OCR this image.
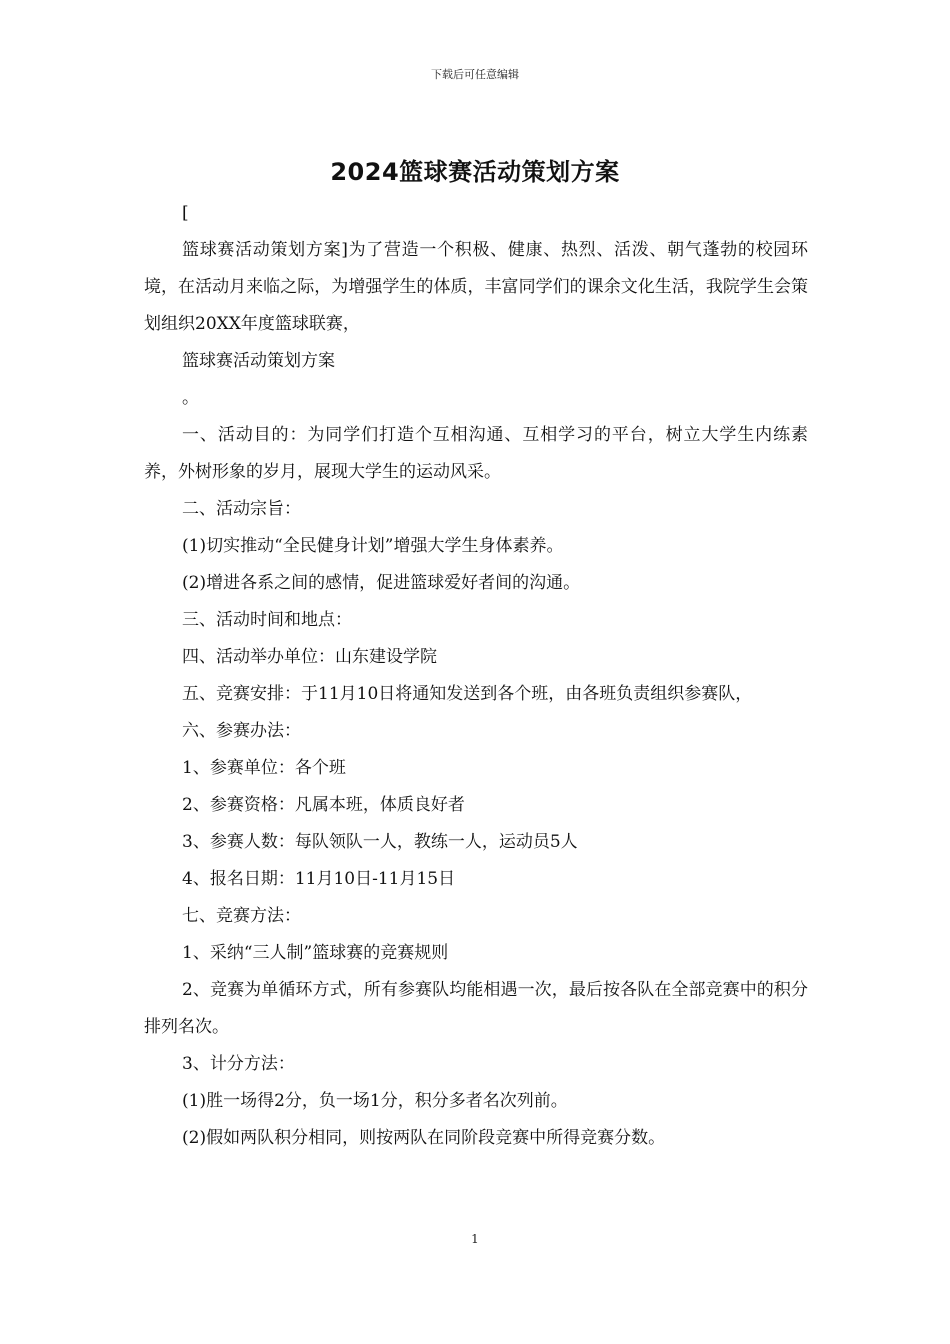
下载后可任意编辑
2024篮球赛活动策划方案

[

篮球赛活动策划方案]为了营造一个积极、健康、热烈、活泼、朝气蓬勃的校园环境，在活动月来临之际，为增强学生的体质，丰富同学们的课余文化生活，我院学生会策划组织20XX年度篮球联赛，

篮球赛活动策划方案

。

一、活动目的：为同学们打造个互相沟通、互相学习的平台，树立大学生内练素养，外树形象的岁月，展现大学生的运动风采。

二、活动宗旨：

(1)切实推动“全民健身计划”增强大学生身体素养。

(2)增进各系之间的感情，促进篮球爱好者间的沟通。

三、活动时间和地点：

四、活动举办单位：山东建设学院

五、竞赛安排：于11月10日将通知发送到各个班，由各班负责组织参赛队，

六、参赛办法：

1、参赛单位：各个班

2、参赛资格：凡属本班，体质良好者

3、参赛人数：每队领队一人，教练一人，运动员5人

4、报名日期：11月10日-11月15日

七、竞赛方法：

1、采纳“三人制”篮球赛的竞赛规则

2、竞赛为单循环方式，所有参赛队均能相遇一次，最后按各队在全部竞赛中的积分排列名次。

3、计分方法：

(1)胜一场得2分，负一场1分，积分多者名次列前。

(2)假如两队积分相同，则按两队在同阶段竞赛中所得竞赛分数。

1
